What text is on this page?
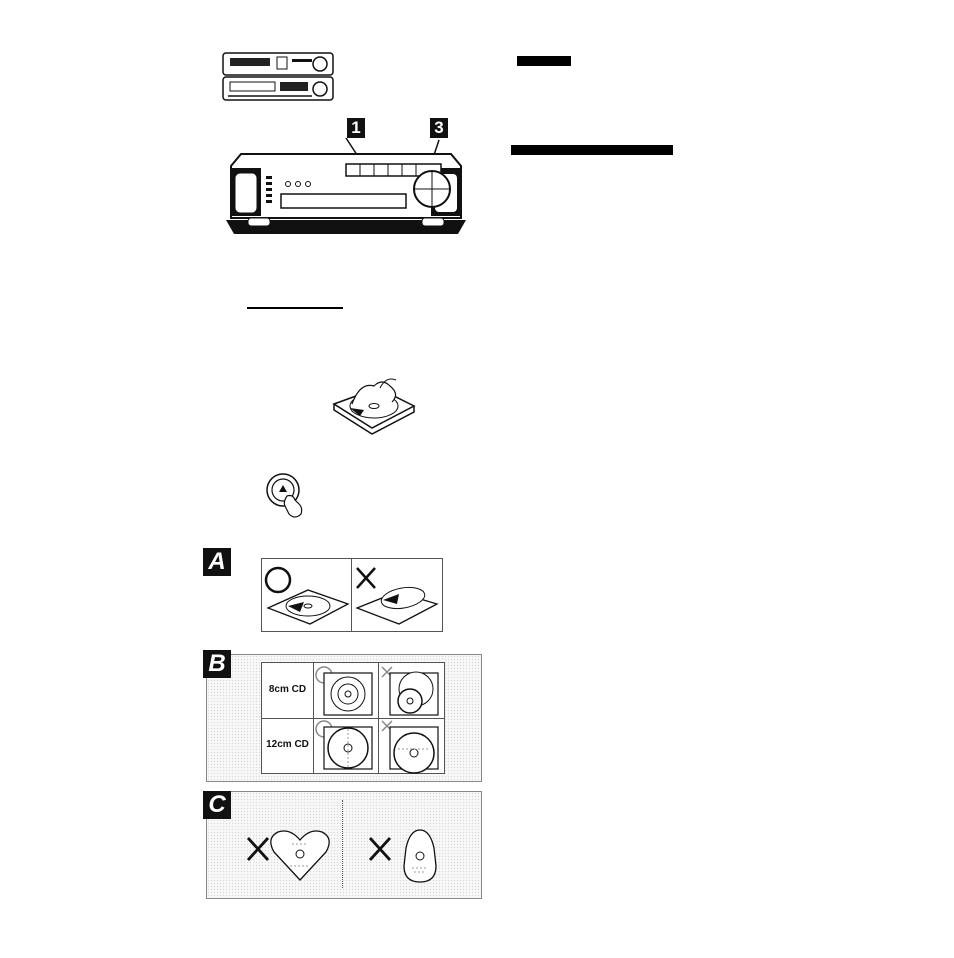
1	3
A
B
8cm CD
12cm CD
C
